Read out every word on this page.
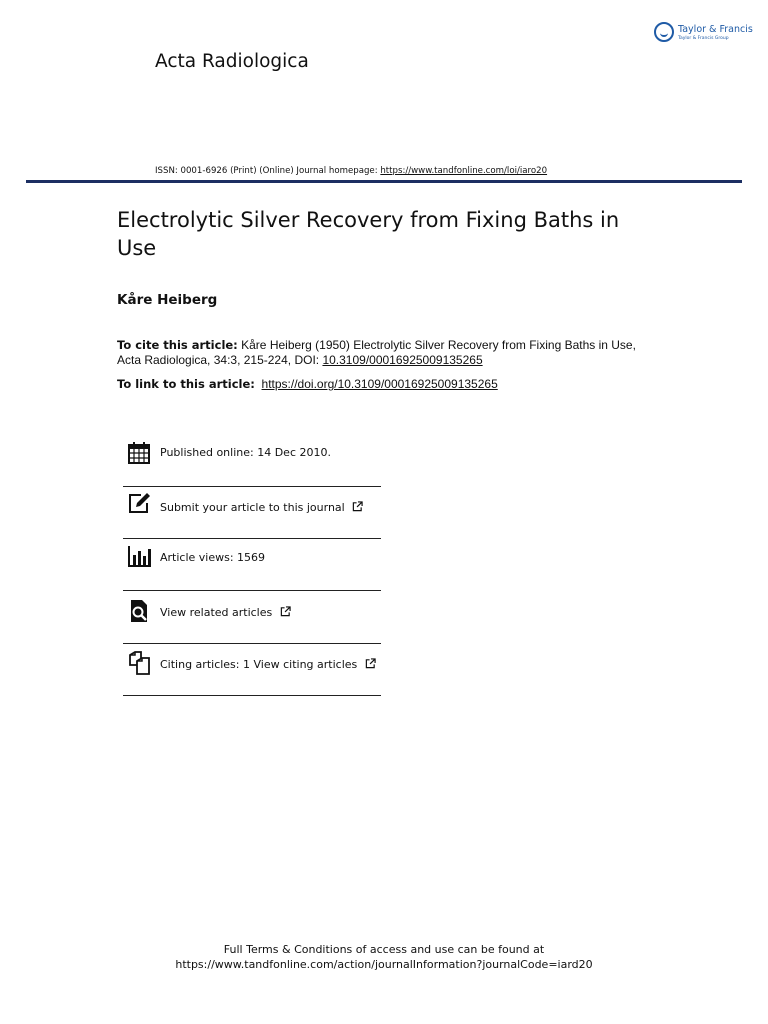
Taylor & Francis
Taylor & Francis Group
Acta Radiologica
ISSN: 0001-6926 (Print) (Online) Journal homepage: https://www.tandfonline.com/loi/iaro20
Electrolytic Silver Recovery from Fixing Baths in Use
Kåre Heiberg
To cite this article: Kåre Heiberg (1950) Electrolytic Silver Recovery from Fixing Baths in Use,
Acta Radiologica, 34:3, 215-224, DOI: 10.3109/00016925009135265
To link to this article: https://doi.org/10.3109/00016925009135265
Published online: 14 Dec 2010.
Submit your article to this journal
Article views: 1569
View related articles
Citing articles: 1 View citing articles
Full Terms & Conditions of access and use can be found at
https://www.tandfonline.com/action/journalInformation?journalCode=iard20
